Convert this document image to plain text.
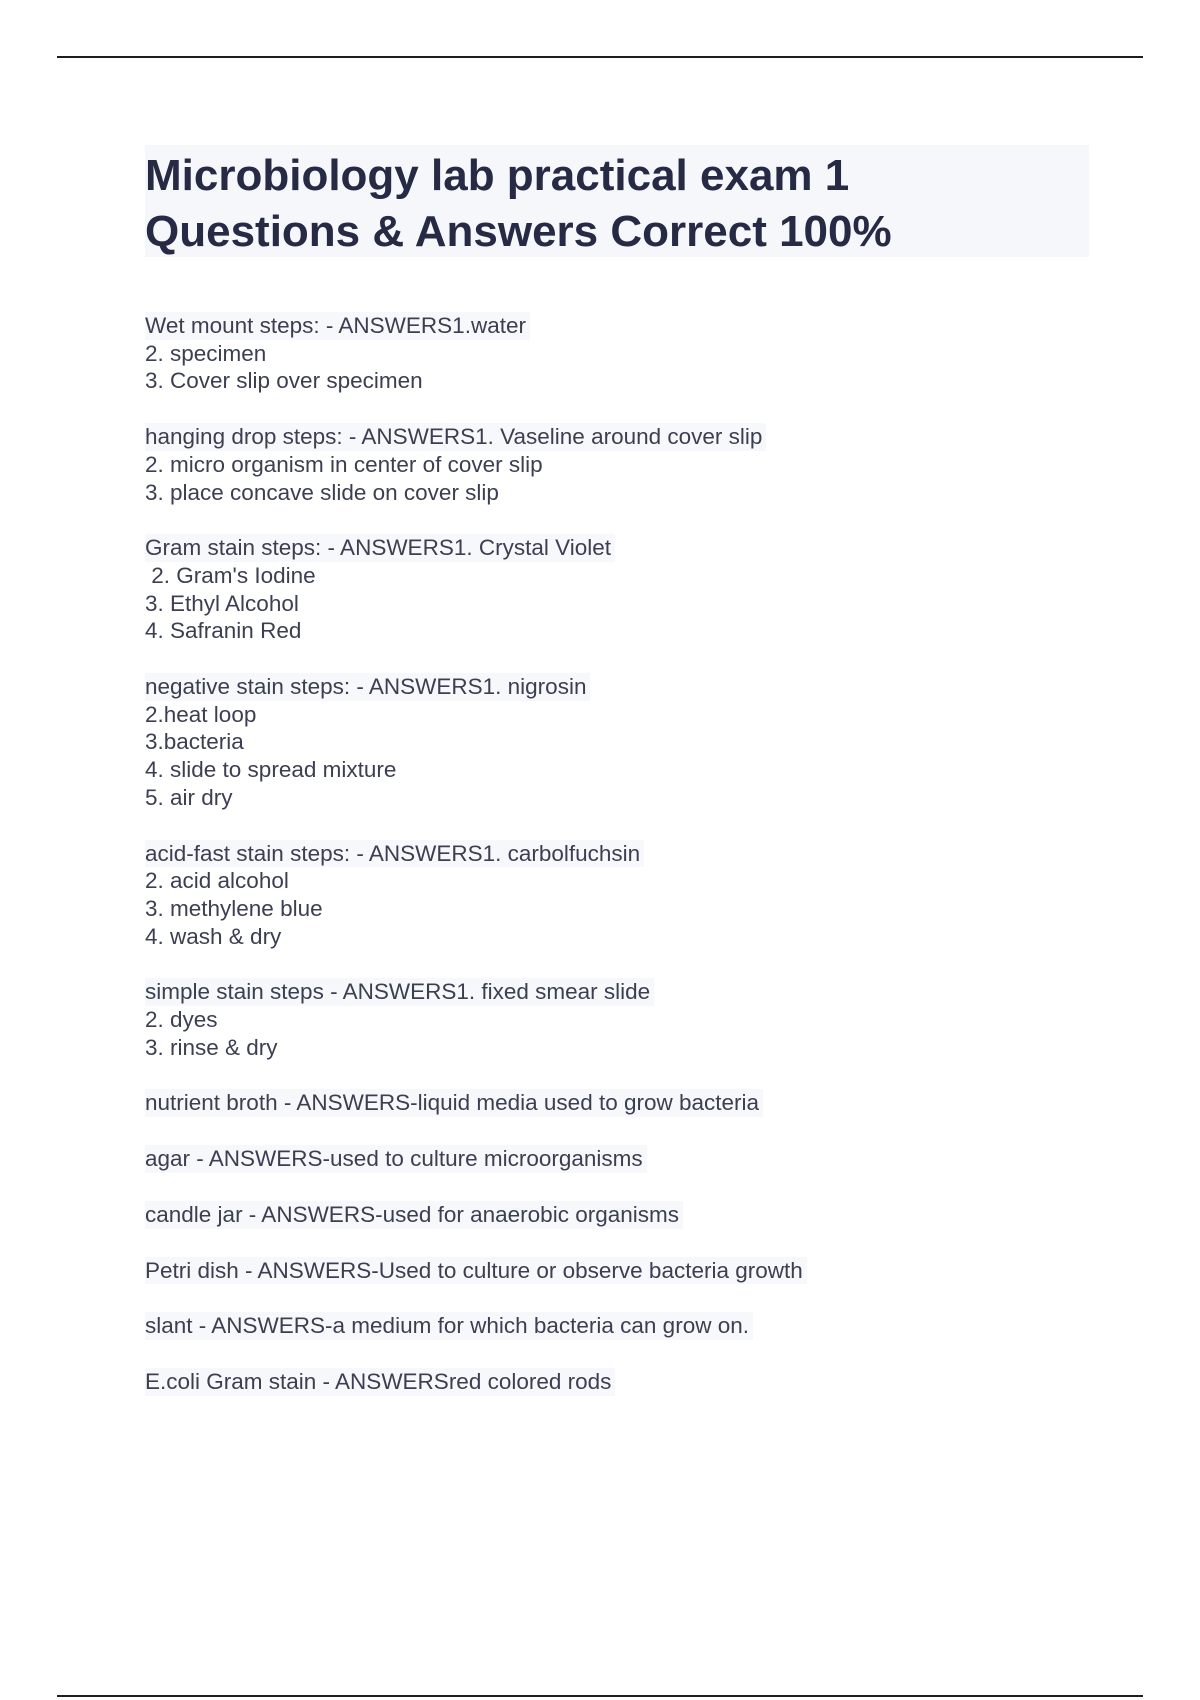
Microbiology lab practical exam 1
Questions & Answers Correct 100%
Wet mount steps: - ANSWERS1.water
2. specimen
3. Cover slip over specimen
hanging drop steps: - ANSWERS1. Vaseline around cover slip
2. micro organism in center of cover slip
3. place concave slide on cover slip
Gram stain steps: - ANSWERS1. Crystal Violet
2. Gram's Iodine
3. Ethyl Alcohol
4. Safranin Red
negative stain steps: - ANSWERS1. nigrosin
2.heat loop
3.bacteria
4. slide to spread mixture
5. air dry
acid-fast stain steps: - ANSWERS1. carbolfuchsin
2. acid alcohol
3. methylene blue
4. wash & dry
simple stain steps - ANSWERS1. fixed smear slide
2. dyes
3. rinse & dry
nutrient broth - ANSWERS-liquid media used to grow bacteria
agar - ANSWERS-used to culture microorganisms
candle jar - ANSWERS-used for anaerobic organisms
Petri dish - ANSWERS-Used to culture or observe bacteria growth
slant - ANSWERS-a medium for which bacteria can grow on.
E.coli Gram stain - ANSWERSred colored rods
